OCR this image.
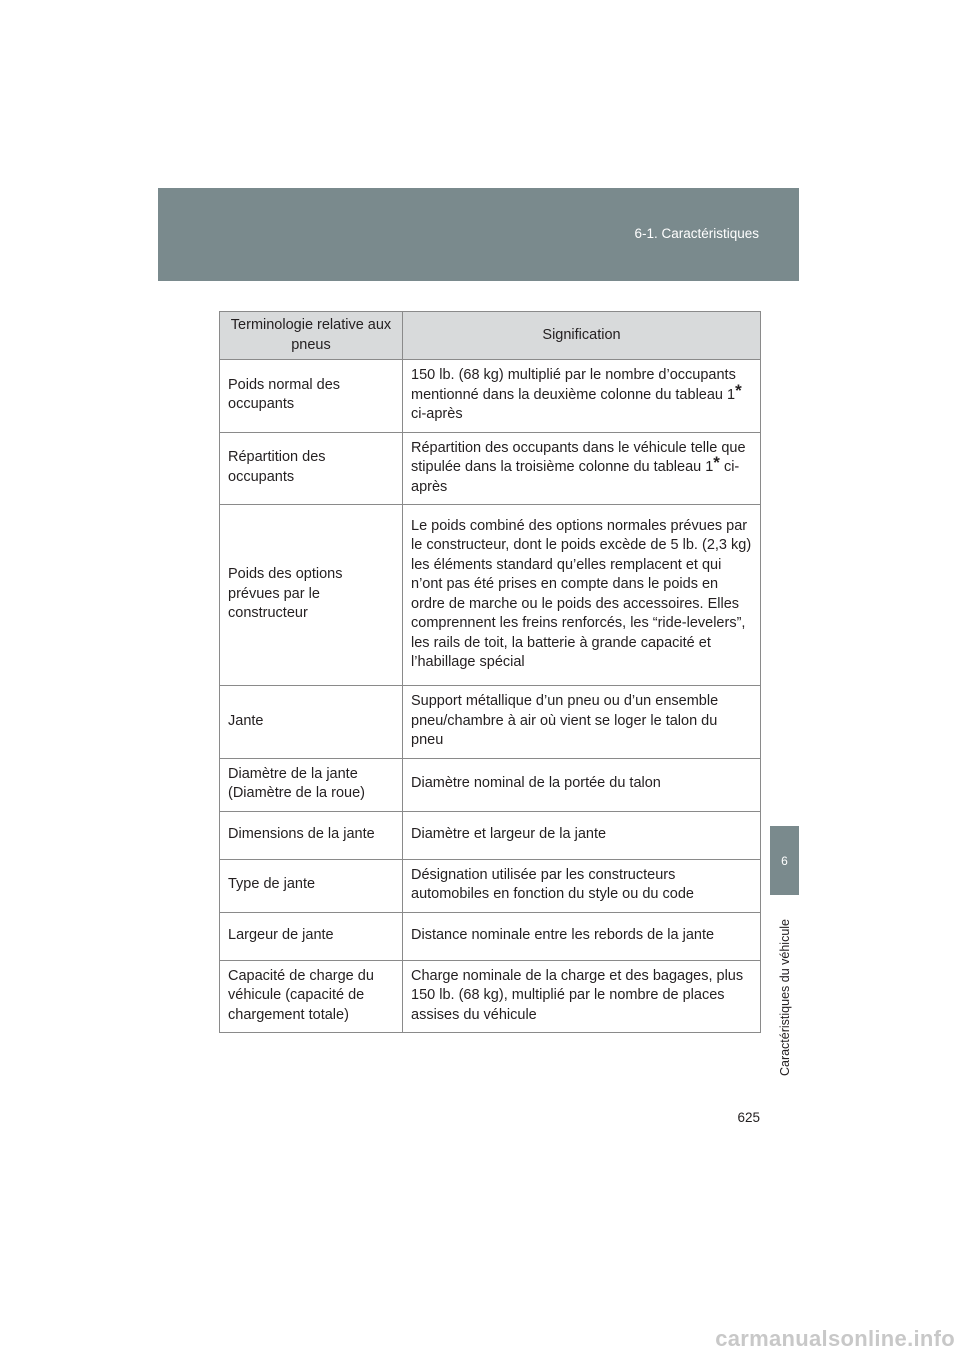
6-1. Caractéristiques
6
Caractéristiques du véhicule
Terminologie relative aux pneus	Signification
Poids normal des occupants	150 lb. (68 kg) multiplié par le nombre d’occupants mentionné dans la deuxième colonne du tableau 1* ci-après
Répartition des occupants	Répartition des occupants dans le véhicule telle que stipulée dans la troisième colonne du tableau 1* ci-après
Poids des options prévues par le constructeur	Le poids combiné des options normales prévues par le constructeur, dont le poids excède de 5 lb. (2,3 kg) les éléments standard qu’elles remplacent et qui n’ont pas été prises en compte dans le poids en ordre de marche ou le poids des accessoires. Elles comprennent les freins renforcés, les “ride-levelers”, les rails de toit, la batterie à grande capacité et l’habillage spécial
Jante	Support métallique d’un pneu ou d’un ensemble pneu/chambre à air où vient se loger le talon du pneu
Diamètre de la jante (Diamètre de la roue)	Diamètre nominal de la portée du talon
Dimensions de la jante	Diamètre et largeur de la jante
Type de jante	Désignation utilisée par les constructeurs automobiles en fonction du style ou du code
Largeur de jante	Distance nominale entre les rebords de la jante
Capacité de charge du véhicule (capacité de chargement totale)	Charge nominale de la charge et des bagages, plus 150 lb. (68 kg), multiplié par le nombre de places assises du véhicule
625
carmanualsonline.info
